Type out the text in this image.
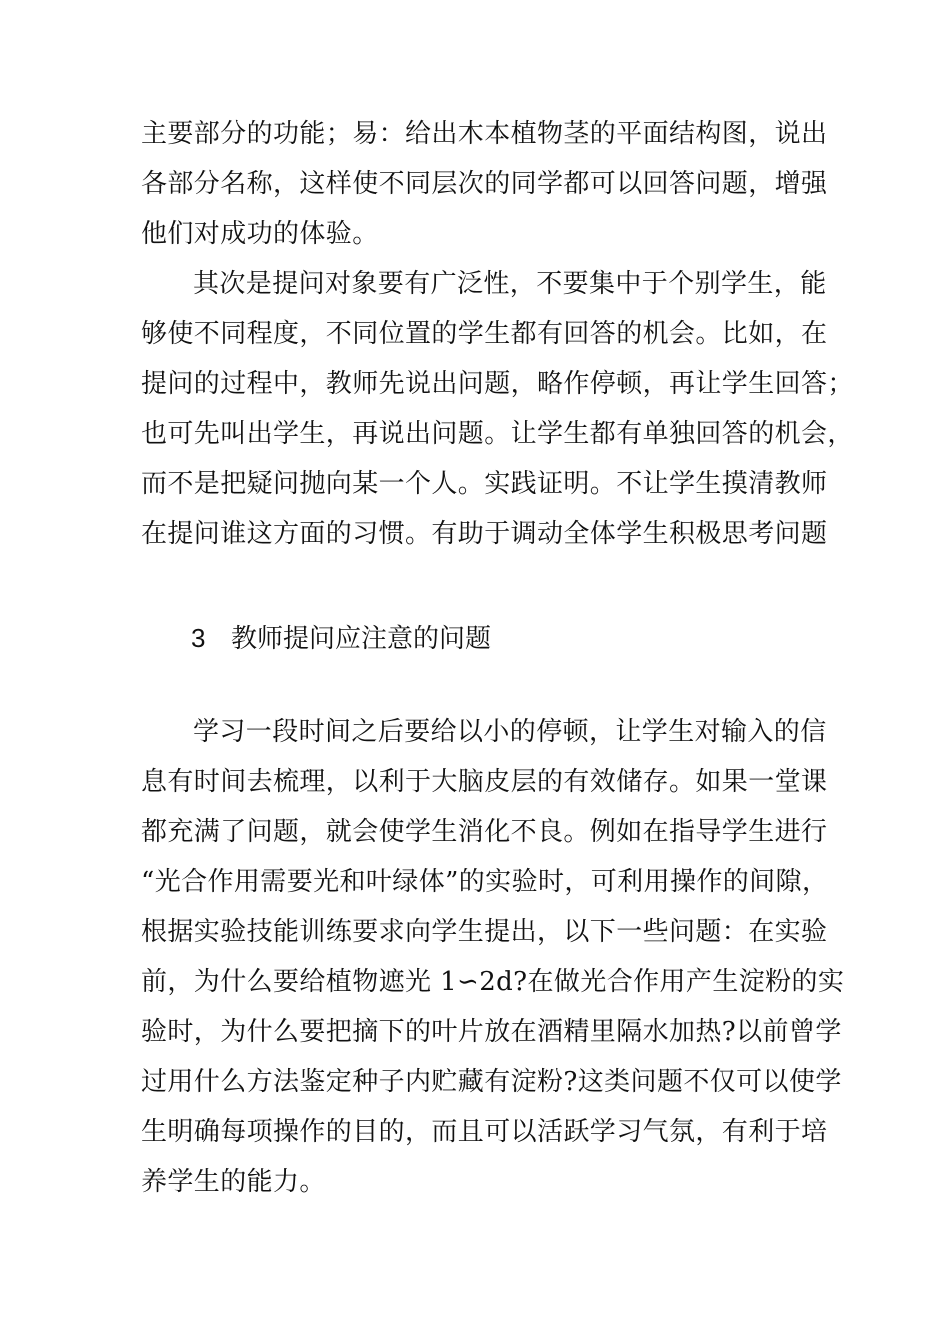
主要部分的功能；易：给出木本植物茎的平面结构图，说出
各部分名称，这样使不同层次的同学都可以回答问题，增强
他们对成功的体验。
其次是提问对象要有广泛性，不要集中于个别学生，能
够使不同程度，不同位置的学生都有回答的机会。比如，在
提问的过程中，教师先说出问题，略作停顿，再让学生回答；
也可先叫出学生，再说出问题。让学生都有单独回答的机会，
而不是把疑问抛向某一个人。实践证明。不让学生摸清教师
在提问谁这方面的习惯。有助于调动全体学生积极思考问题
3 教师提问应注意的问题
学习一段时间之后要给以小的停顿，让学生对输入的信
息有时间去梳理，以利于大脑皮层的有效储存。如果一堂课
都充满了问题，就会使学生消化不良。例如在指导学生进行
“光合作用需要光和叶绿体”的实验时，可利用操作的间隙，
根据实验技能训练要求向学生提出，以下一些问题：在实验
前，为什么要给植物遮光 1∽2d?在做光合作用产生淀粉的实
验时，为什么要把摘下的叶片放在酒精里隔水加热?以前曾学
过用什么方法鉴定种子内贮藏有淀粉?这类问题不仅可以使学
生明确每项操作的目的，而且可以活跃学习气氛，有利于培
养学生的能力。
